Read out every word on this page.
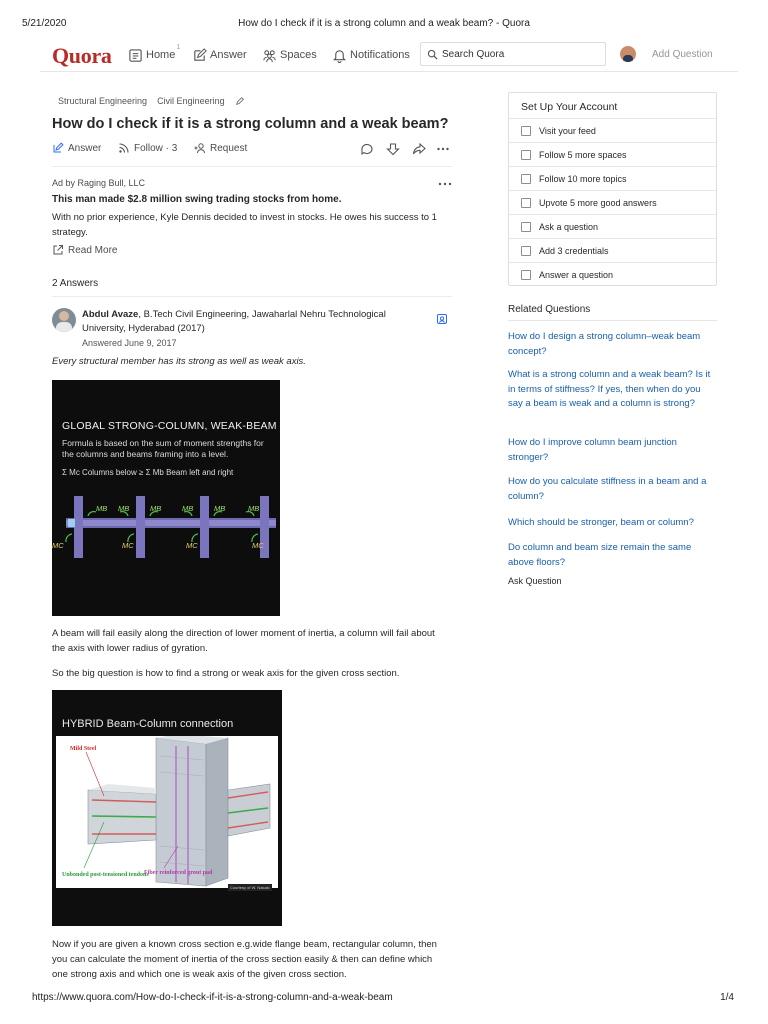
5/21/2020	How do I check if it is a strong column and a weak beam? - Quora
Quora	Home
$^1$
Answer	Spaces	Notifications	Search Quora	Add Question
Structural Engineering Civil Engineering
How do I check if it is a strong column and a weak beam?
Answer	Follow · 3	Request
Ad by Raging Bull, LLC
This man made $2.8 million swing trading stocks from home.
With no prior experience, Kyle Dennis decided to invest in stocks. He owes his success to 1 strategy.
Read More
2 Answers
Abdul Avaze, B.Tech Civil Engineering, Jawaharlal Nehru Technological University, Hyderabad (2017)
Answered June 9, 2017
Every structural member has its strong as well as weak axis.
GLOBAL STRONG-COLUMN, WEAK-BEAM
Formula is based on the sum of moment strengths for the columns and beams framing into a level.
Σ Mc Columns below ≥ Σ Mb Beam left and right
MB MB	MB	MB	MB	MB
MC	MC	MC	MC

A beam will fail easily along the direction of lower moment of inertia, a column will fail about the axis with lower radius of gyration.

So the big question is how to find a strong or weak axis for the given cross section.

HYBRID Beam-Column connection
Mild Steel
Unbonded post-tensioned tendons
Fiber reinforced grout pad
Courtesy of W. Nakaki

Now if you are given a known cross section e.g.wide flange beam, rectangular column, then you can calculate the moment of inertia of the cross section easily & then can define which one strong axis and which one is weak axis of the given cross section.

Set Up Your Account
Visit your feed
Follow 5 more spaces
Follow 10 more topics
Upvote 5 more good answers
Ask a question
Add 3 credentials
Answer a question
Related Questions
How do I design a strong column–weak beam concept?
What is a strong column and a weak beam? Is it in terms of stiffness? If yes, then when do you say a beam is weak and a column is strong?
How do I improve column beam junction stronger?
How do you calculate stiffness in a beam and a column?
Which should be stronger, beam or column?
Do column and beam size remain the same above floors?
Ask Question
https://www.quora.com/How-do-I-check-if-it-is-a-strong-column-and-a-weak-beam	1/4
